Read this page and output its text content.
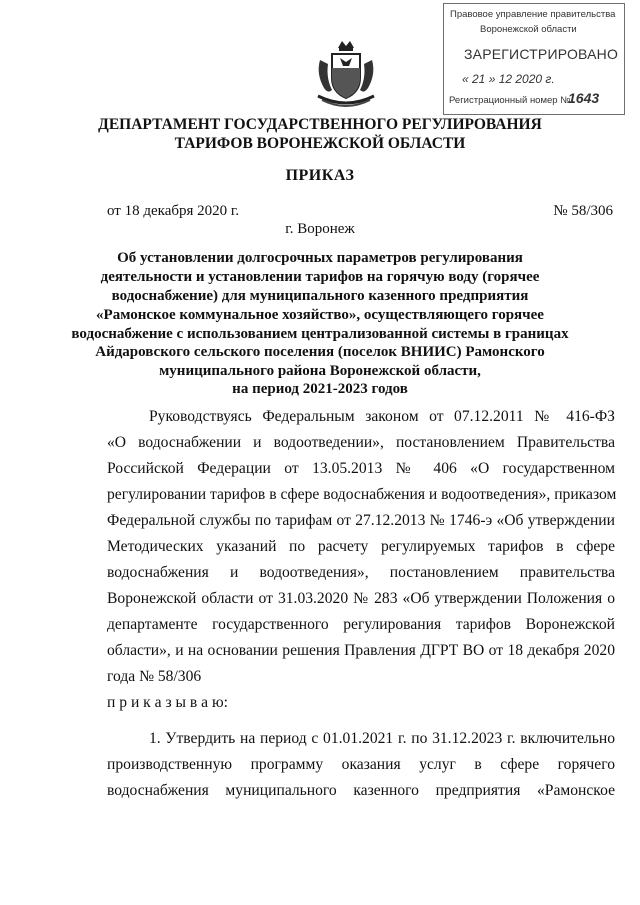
Правовое управление правительства
Воронежской области
ЗАРЕГИСТРИРОВАНО
« 21 » 12 2020 г.
Регистрационный номер №
1643
ДЕПАРТАМЕНТ ГОСУДАРСТВЕННОГО РЕГУЛИРОВАНИЯ
ТАРИФОВ ВОРОНЕЖСКОЙ ОБЛАСТИ
ПРИКАЗ
от 18 декабря 2020 г.	№ 58/306
г. Воронеж
Об установлении долгосрочных параметров регулирования
деятельности и установлении тарифов на горячую воду (горячее
водоснабжение) для муниципального казенного предприятия
«Рамонское коммунальное хозяйство», осуществляющего горячее
водоснабжение с использованием централизованной системы в границах
Айдаровского сельского поселения (поселок ВНИИС) Рамонского
муниципального района Воронежской области,
на период 2021-2023 годов
Руководствуясь Федеральным законом от 07.12.2011 № 416-ФЗ
«О водоснабжении и водоотведении», постановлением Правительства
Российской Федерации от 13.05.2013 № 406 «О государственном
регулировании тарифов в сфере водоснабжения и водоотведения», приказом
Федеральной службы по тарифам от 27.12.2013 № 1746-э «Об утверждении
Методических указаний по расчету регулируемых тарифов в сфере
водоснабжения и водоотведения», постановлением правительства
Воронежской области от 31.03.2020 № 283 «Об утверждении Положения о
департаменте государственного регулирования тарифов Воронежской
области», и на основании решения Правления ДГРТ ВО от 18 декабря 2020
года № 58/306
п р и к а з ы в а ю:
1. Утвердить на период с 01.01.2021 г. по 31.12.2023 г. включительно
производственную программу оказания услуг в сфере горячего
водоснабжения муниципального казенного предприятия «Рамонское
